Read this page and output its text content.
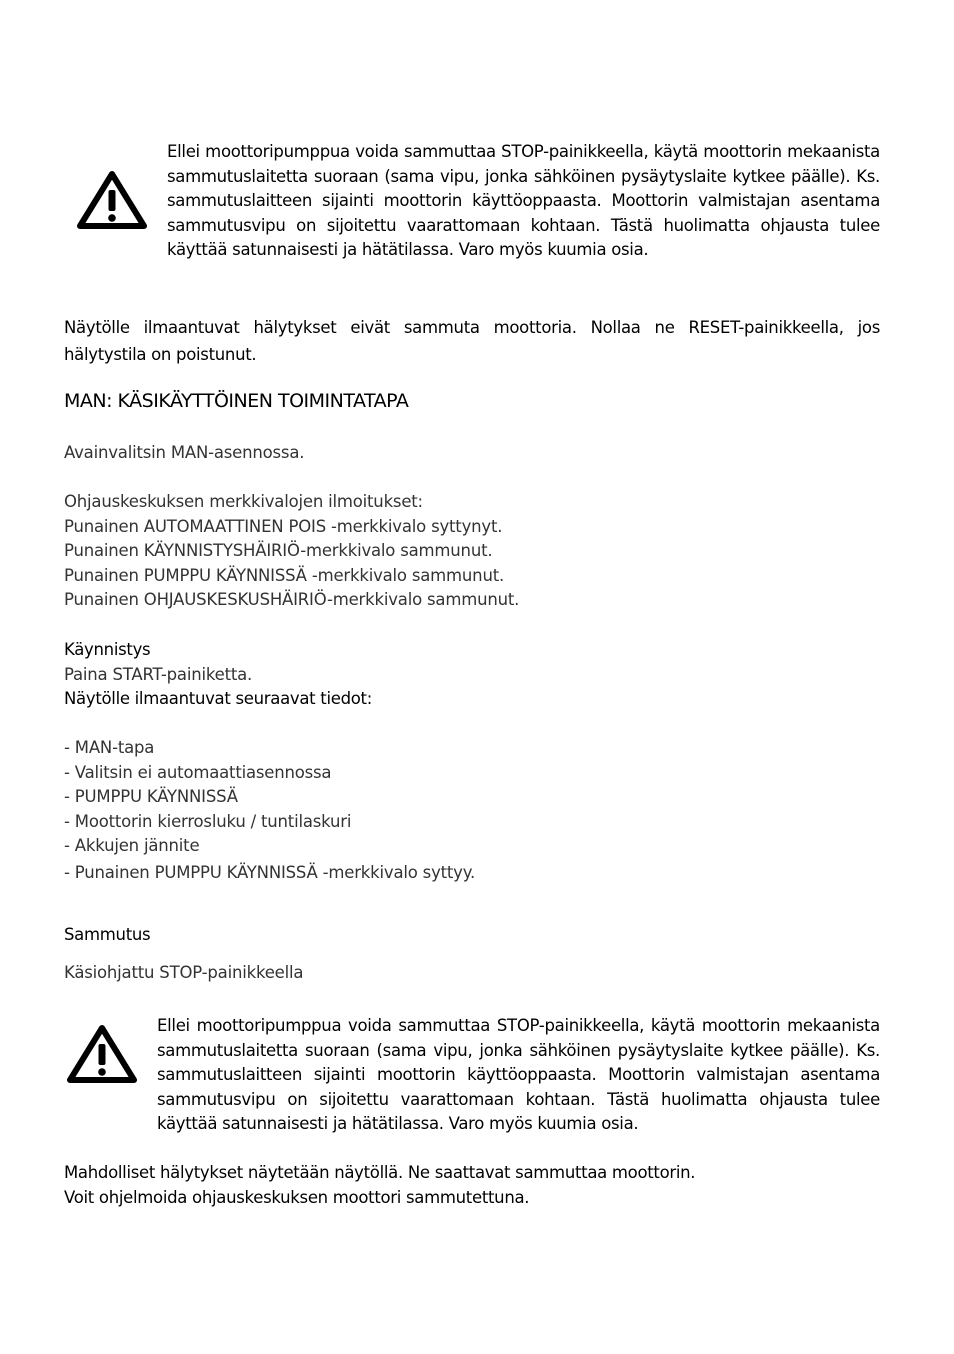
Ellei moottoripumppua voida sammuttaa STOP-painikkeella, käytä moottorin mekaanista sammutuslaitetta suoraan (sama vipu, jonka sähköinen pysäytyslaite kytkee päälle). Ks. sammutuslaitteen sijainti moottorin käyttöoppaasta. Moottorin valmistajan asentama sammutusvipu on sijoitettu vaarattomaan kohtaan. Tästä huolimatta ohjausta tulee käyttää satunnaisesti ja hätätilassa. Varo myös kuumia osia.
Näytölle ilmaantuvat hälytykset eivät sammuta moottoria. Nollaa ne RESET-painikkeella, jos hälytystila on poistunut.
MAN: KÄSIKÄYTTÖINEN TOIMINTATAPA
Avainvalitsin MAN-asennossa.
Ohjauskeskuksen merkkivalojen ilmoitukset:
Punainen AUTOMAATTINEN POIS -merkkivalo syttynyt.
Punainen KÄYNNISTYSHÄIRIÖ-merkkivalo sammunut.
Punainen PUMPPU KÄYNNISSÄ -merkkivalo sammunut.
Punainen OHJAUSKESKUSHÄIRIÖ-merkkivalo sammunut.
Käynnistys
Paina START-painiketta.
Näytölle ilmaantuvat seuraavat tiedot:
- MAN-tapa
- Valitsin ei automaattiasennossa
- PUMPPU KÄYNNISSÄ
- Moottorin kierrosluku / tuntilaskuri
- Akkujen jännite
- Punainen PUMPPU KÄYNNISSÄ -merkkivalo syttyy.
Sammutus
Käsiohjattu STOP-painikkeella
Ellei moottoripumppua voida sammuttaa STOP-painikkeella, käytä moottorin mekaanista sammutuslaitetta suoraan (sama vipu, jonka sähköinen pysäytyslaite kytkee päälle). Ks. sammutuslaitteen sijainti moottorin käyttöoppaasta. Moottorin valmistajan asentama sammutusvipu on sijoitettu vaarattomaan kohtaan. Tästä huolimatta ohjausta tulee käyttää satunnaisesti ja hätätilassa. Varo myös kuumia osia.
Mahdolliset hälytykset näytetään näytöllä. Ne saattavat sammuttaa moottorin.
Voit ohjelmoida ohjauskeskuksen moottori sammutettuna.
